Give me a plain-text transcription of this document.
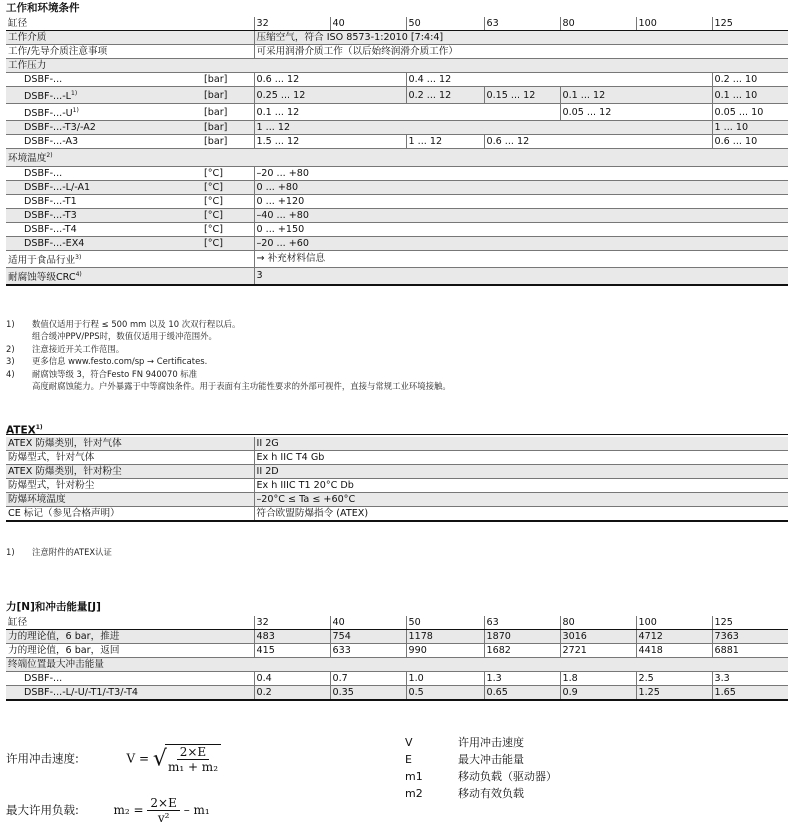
工作和环境条件
缸径		32	40	50	63	80	100	125
工作介质		压缩空气，符合 ISO 8573-1:2010 [7:4:4]						
工作/先导介质注意事项		可采用润滑介质工作（以后始终润滑介质工作）						
工作压力								
DSBF-...	[bar]	0.6 ... 12		0.4 ... 12				0.2 ... 10
DSBF-$...-L^{1)}$	[bar]	0.25 ... 12		0.2 ... 12	0.15 ... 12	0.1 ... 12		0.1 ... 10
DSBF-$...-U^{1)}$	[bar]	0.1 ... 12				0.05 ... 12		0.05 ... 10
DSBF-...-T3/-A2	[bar]	1 ... 12						1 ... 10
DSBF-...-A3	[bar]	1.5 ... 12		1 ... 12	0.6 ... 12			0.6 ... 10
环境温度$^{2)}$
DSBF-...	[°C]	–20 ... +80						
DSBF-...-L/-A1	[°C]	0 ... +80						
DSBF-...-T1	[°C]	0 ... +120						
DSBF-...-T3	[°C]	–40 ... +80						
DSBF-...-T4	[°C]	0 ... +150						
DSBF-...-EX4	[°C]	–20 ... +60						
适用于食品行业$^{3)}$		→ 补充材料信息						
耐腐蚀等级CRC$^{4)}$		3						
1)	数值仅适用于行程 ≤ 500 mm 以及 10 次双行程以后。
组合缓冲PPV/PPS时，数值仅适用于缓冲范围外。
2)	注意接近开关工作范围。
3)	更多信息 www.festo.com/sp → Certificates.
4)	耐腐蚀等级 3，符合Festo FN 940070 标准
高度耐腐蚀能力。户外暴露于中等腐蚀条件。用于表面有主功能性要求的外部可视件，直接与常规工业环境接触。
ATEX$^{1)}$
ATEX 防爆类别，针对气体	II 2G
防爆型式，针对气体	Ex h IIC T4 Gb
ATEX 防爆类别，针对粉尘	II 2D
防爆型式，针对粉尘	Ex h IIIC T1 20°C Db
防爆环境温度	–20°C ≤ Ta ≤ +60°C
CE 标记（参见合格声明）	符合欧盟防爆指令 (ATEX)
1)	注意附件的ATEX认证
力[N]和冲击能量[J]
缸径	32	40	50	63	80	100	125
力的理论值，6 bar，推进	483	754	1178	1870	3016	4712	7363
力的理论值，6 bar，返回	415	633	990	1682	2721	4418	6881
终端位置最大冲击能量							
DSBF-...	0.4	0.7	1.0	1.3	1.8	2.5	3.3
DSBF-...-L/-U/-T1/-T3/-T4	0.2	0.35	0.5	0.65	0.9	1.25	1.65
许用冲击速度:	V = √
$\frac{2\times E}{\text{m₁ + m₂}}$
最大许用负载:	$m_2 = \frac{2\times E}{\text{v²}} - m_1$
V	许用冲击速度
E	最大冲击能量
m1	移动负载（驱动器）
m2	移动有效负载
